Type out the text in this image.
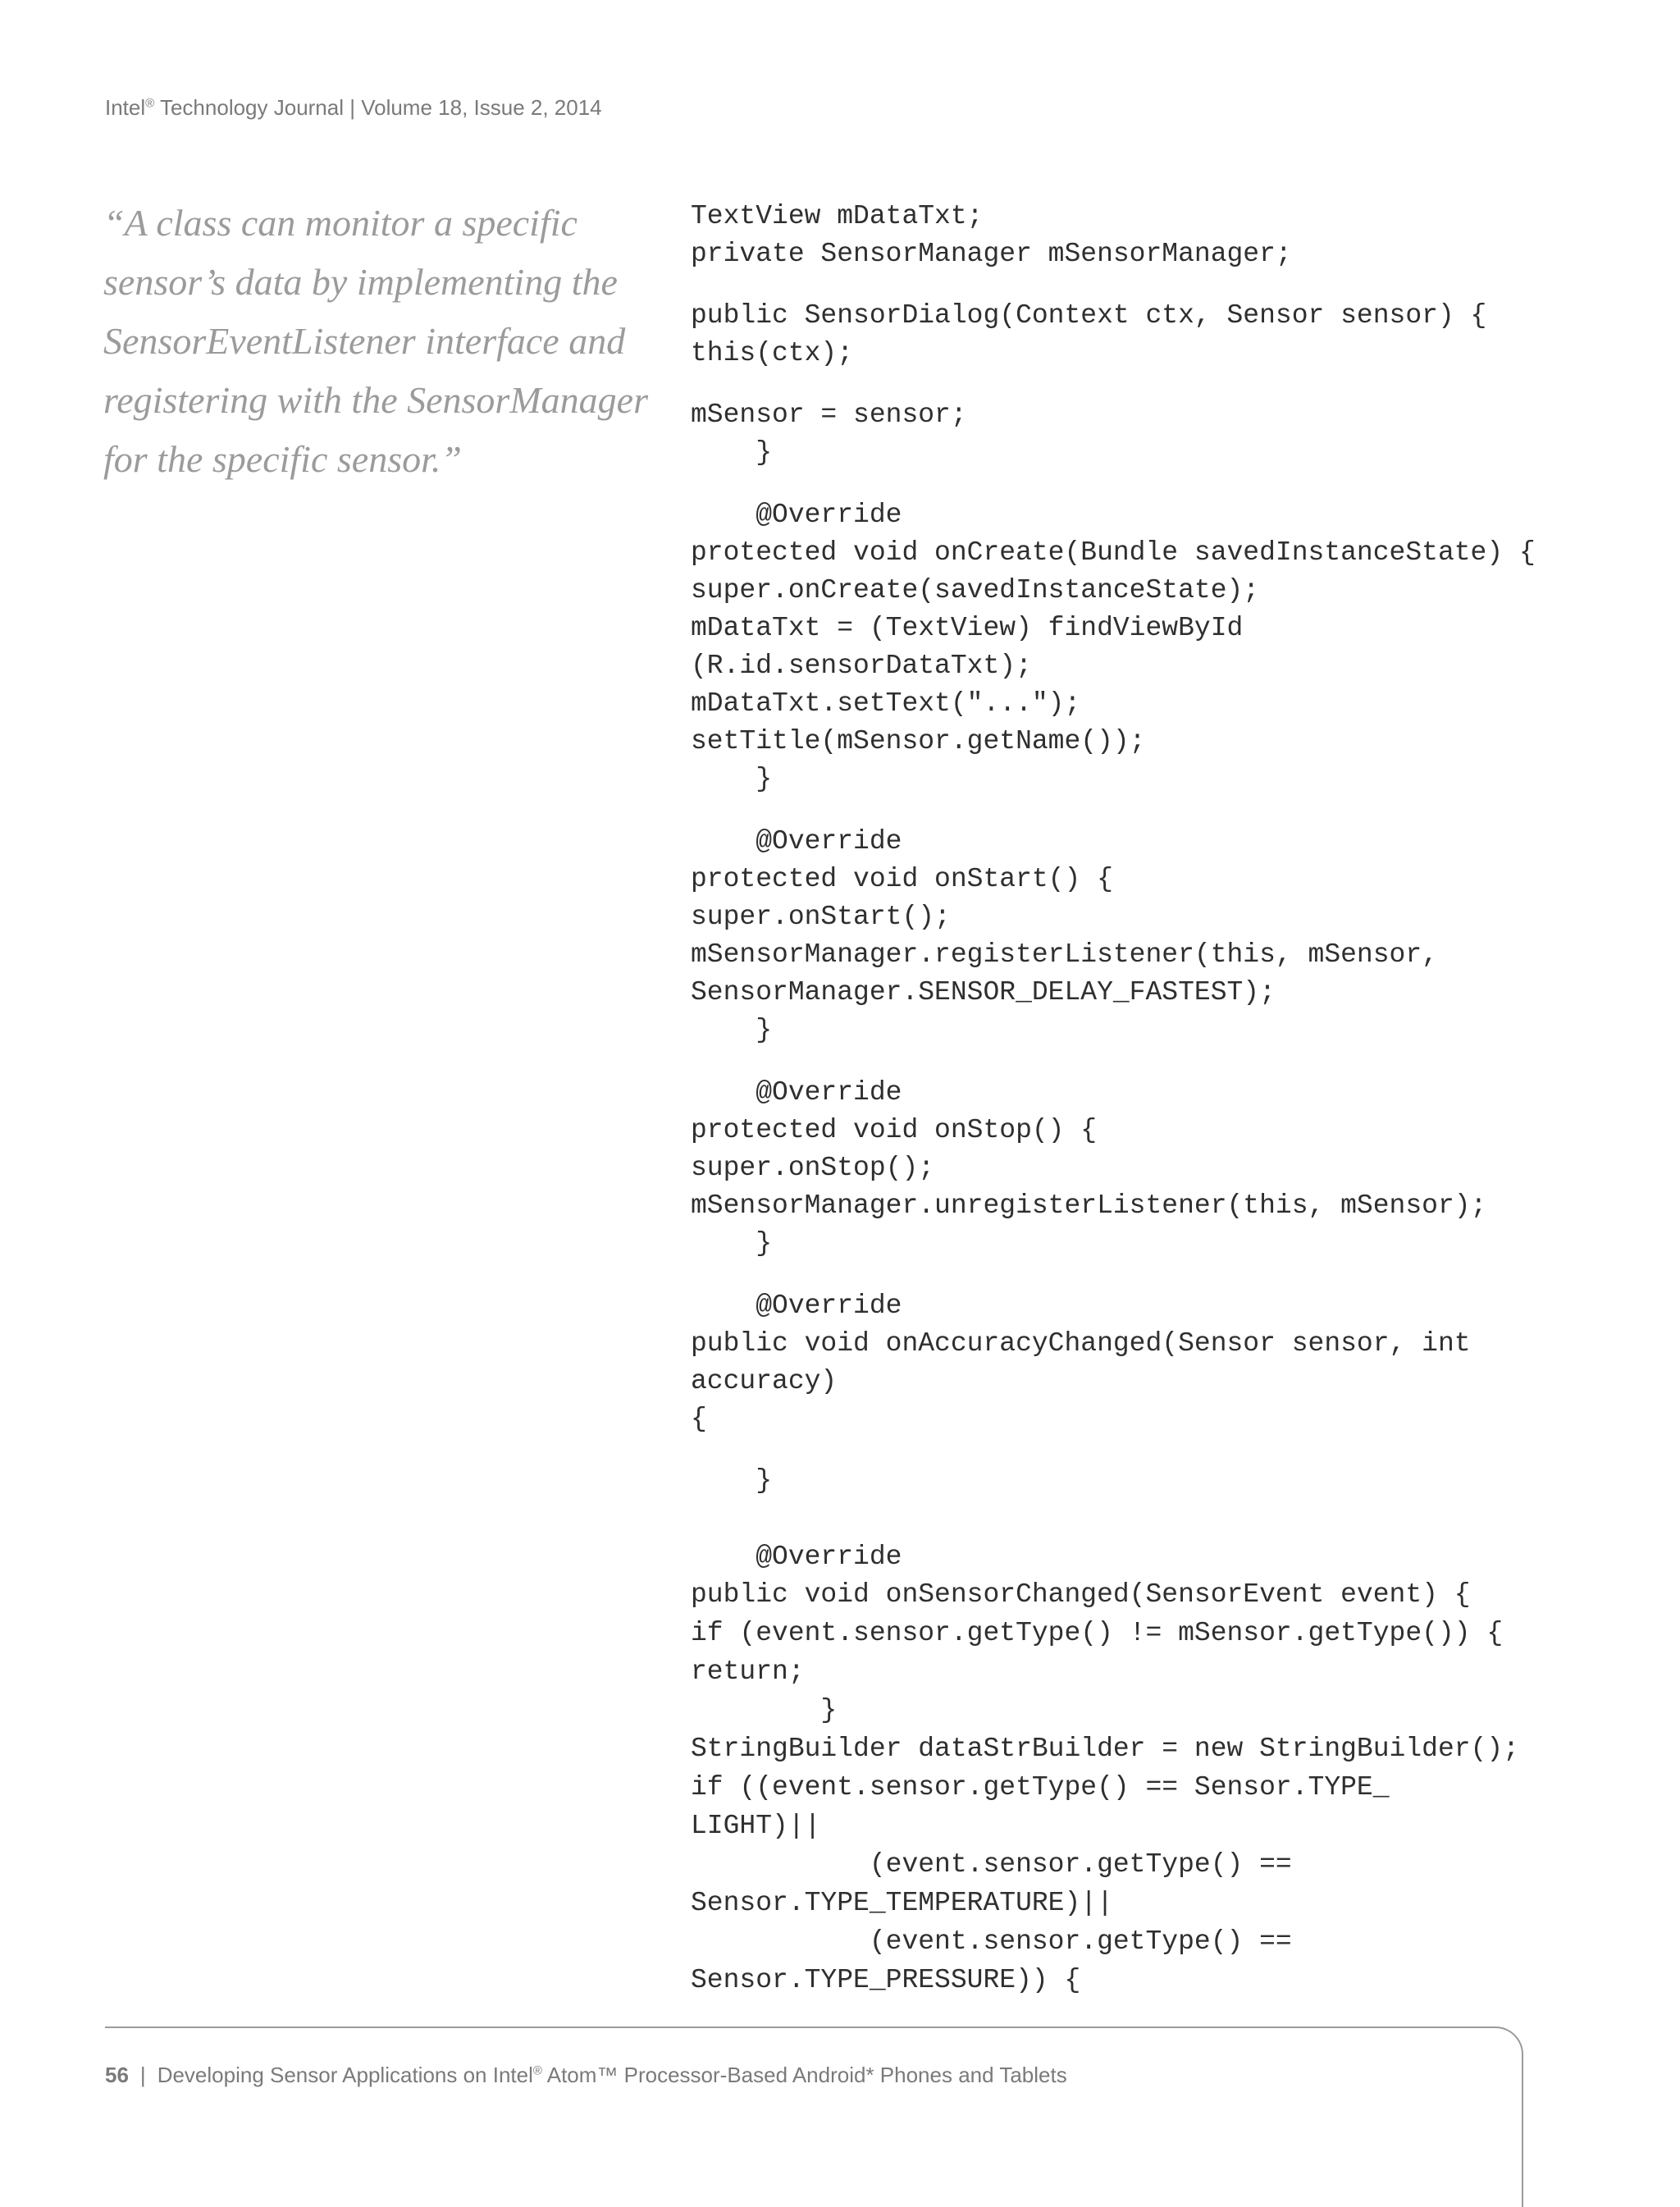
Intel® Technology Journal | Volume 18, Issue 2, 2014
“A class can monitor a specific
sensor’s data by implementing the
SensorEventListener interface and
registering with the SensorManager
for the specific sensor.”

TextView mDataTxt;

private SensorManager mSensorManager;

public SensorDialog(Context ctx, Sensor sensor) {

this(ctx);

mSensor = sensor;

}

@Override

protected void onCreate(Bundle savedInstanceState) {

super.onCreate(savedInstanceState);

mDataTxt = (TextView) findViewById

(R.id.sensorDataTxt);

mDataTxt.setText("...");

setTitle(mSensor.getName());

}

@Override

protected void onStart() {

super.onStart();

mSensorManager.registerListener(this, mSensor,

SensorManager.SENSOR_DELAY_FASTEST);

}

@Override

protected void onStop() {

super.onStop();

mSensorManager.unregisterListener(this, mSensor);

}

@Override

public void onAccuracyChanged(Sensor sensor, int

accuracy)

{

}

@Override

public void onSensorChanged(SensorEvent event) {

if (event.sensor.getType() != mSensor.getType()) {

return;

}

StringBuilder dataStrBuilder = new StringBuilder();

if ((event.sensor.getType() == Sensor.TYPE_

LIGHT)||

(event.sensor.getType() ==

Sensor.TYPE_TEMPERATURE)||

(event.sensor.getType() ==

Sensor.TYPE_PRESSURE)) {

56 | Developing Sensor Applications on Intel® Atom™ Processor-Based Android* Phones and Tablets
